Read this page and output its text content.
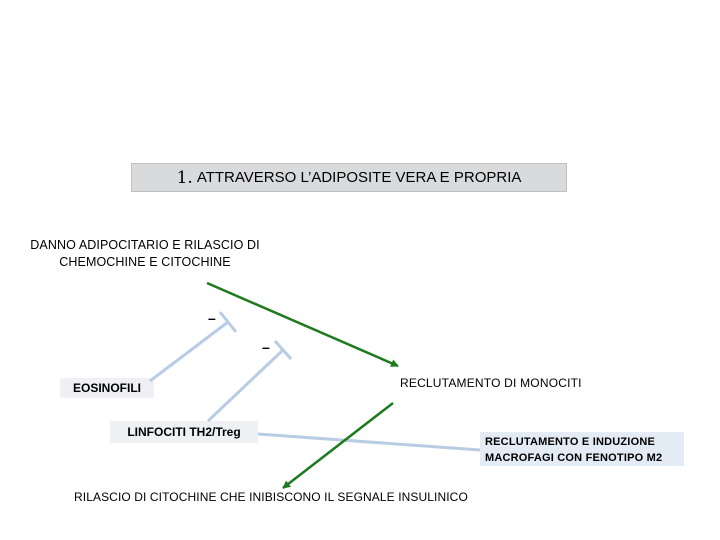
1. ATTRAVERSO L’ADIPOSITE VERA E PROPRIA
DANNO ADIPOCITARIO E RILASCIO DI
CHEMOCHINE E CITOCHINE
EOSINOFILI
LINFOCITI TH2/Treg
RECLUTAMENTO DI MONOCITI
RECLUTAMENTO E INDUZIONE
MACROFAGI CON FENOTIPO M2
RILASCIO DI CITOCHINE CHE INIBISCONO IL SEGNALE INSULINICO
–
–
